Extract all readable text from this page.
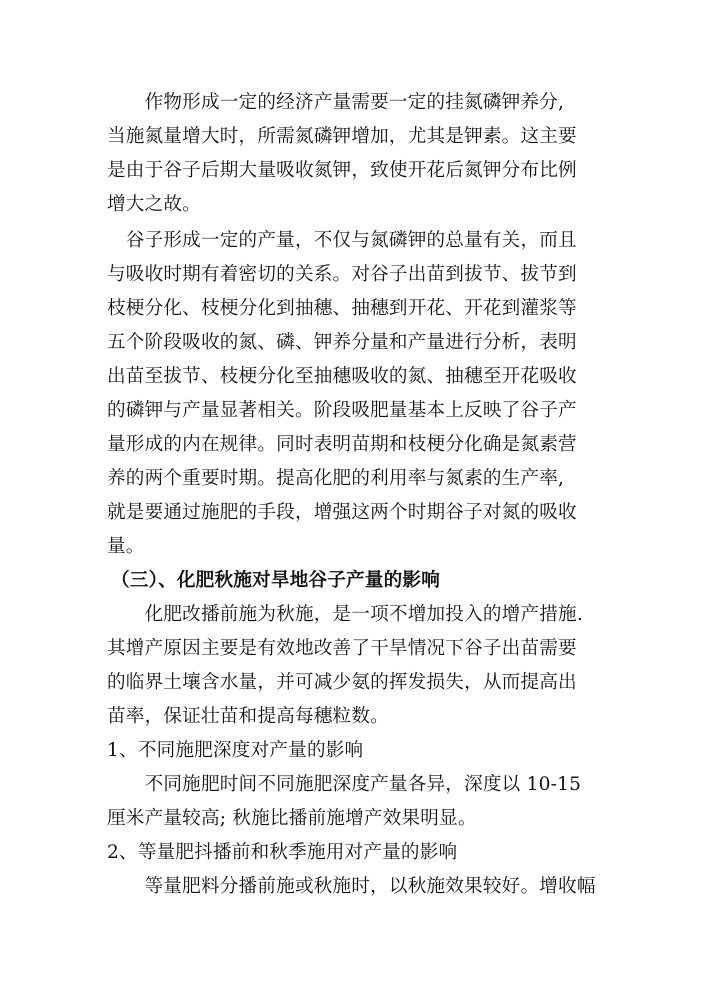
　　作物形成一定的经济产量需要一定的挂氮磷钾养分,
当施氮量增大时，所需氮磷钾增加，尤其是钾素。这主要
是由于谷子后期大量吸收氮钾，致使开花后氮钾分布比例
增大之故。
　谷子形成一定的产量，不仅与氮磷钾的总量有关，而且
与吸收时期有着密切的关系。对谷子出苗到拔节、拔节到
枝梗分化、枝梗分化到抽穗、抽穗到开花、开花到灌浆等
五个阶段吸收的氮、磷、钾养分量和产量进行分析，表明
出苗至拔节、枝梗分化至抽穗吸收的氮、抽穗至开花吸收
的磷钾与产量显著相关。阶段吸肥量基本上反映了谷子产
量形成的内在规律。同时表明苗期和枝梗分化确是氮素营
养的两个重要时期。提高化肥的利用率与氮素的生产率,
就是要通过施肥的手段，增强这两个时期谷子对氮的吸收
量。
（三）、化肥秋施对旱地谷子产量的影响
　　化肥改播前施为秋施，是一项不增加投入的增产措施.
其增产原因主要是有效地改善了干旱情况下谷子出苗需要
的临界土壤含水量，并可减少氨的挥发损失，从而提高出
苗率，保证壮苗和提高每穗粒数。
1、不同施肥深度对产量的影响
　　不同施肥时间不同施肥深度产量各异，深度以 10-15
厘米产量较高; 秋施比播前施增产效果明显。
2、等量肥抖播前和秋季施用对产量的影响
　　等量肥料分播前施或秋施时，以秋施效果较好。增收幅
